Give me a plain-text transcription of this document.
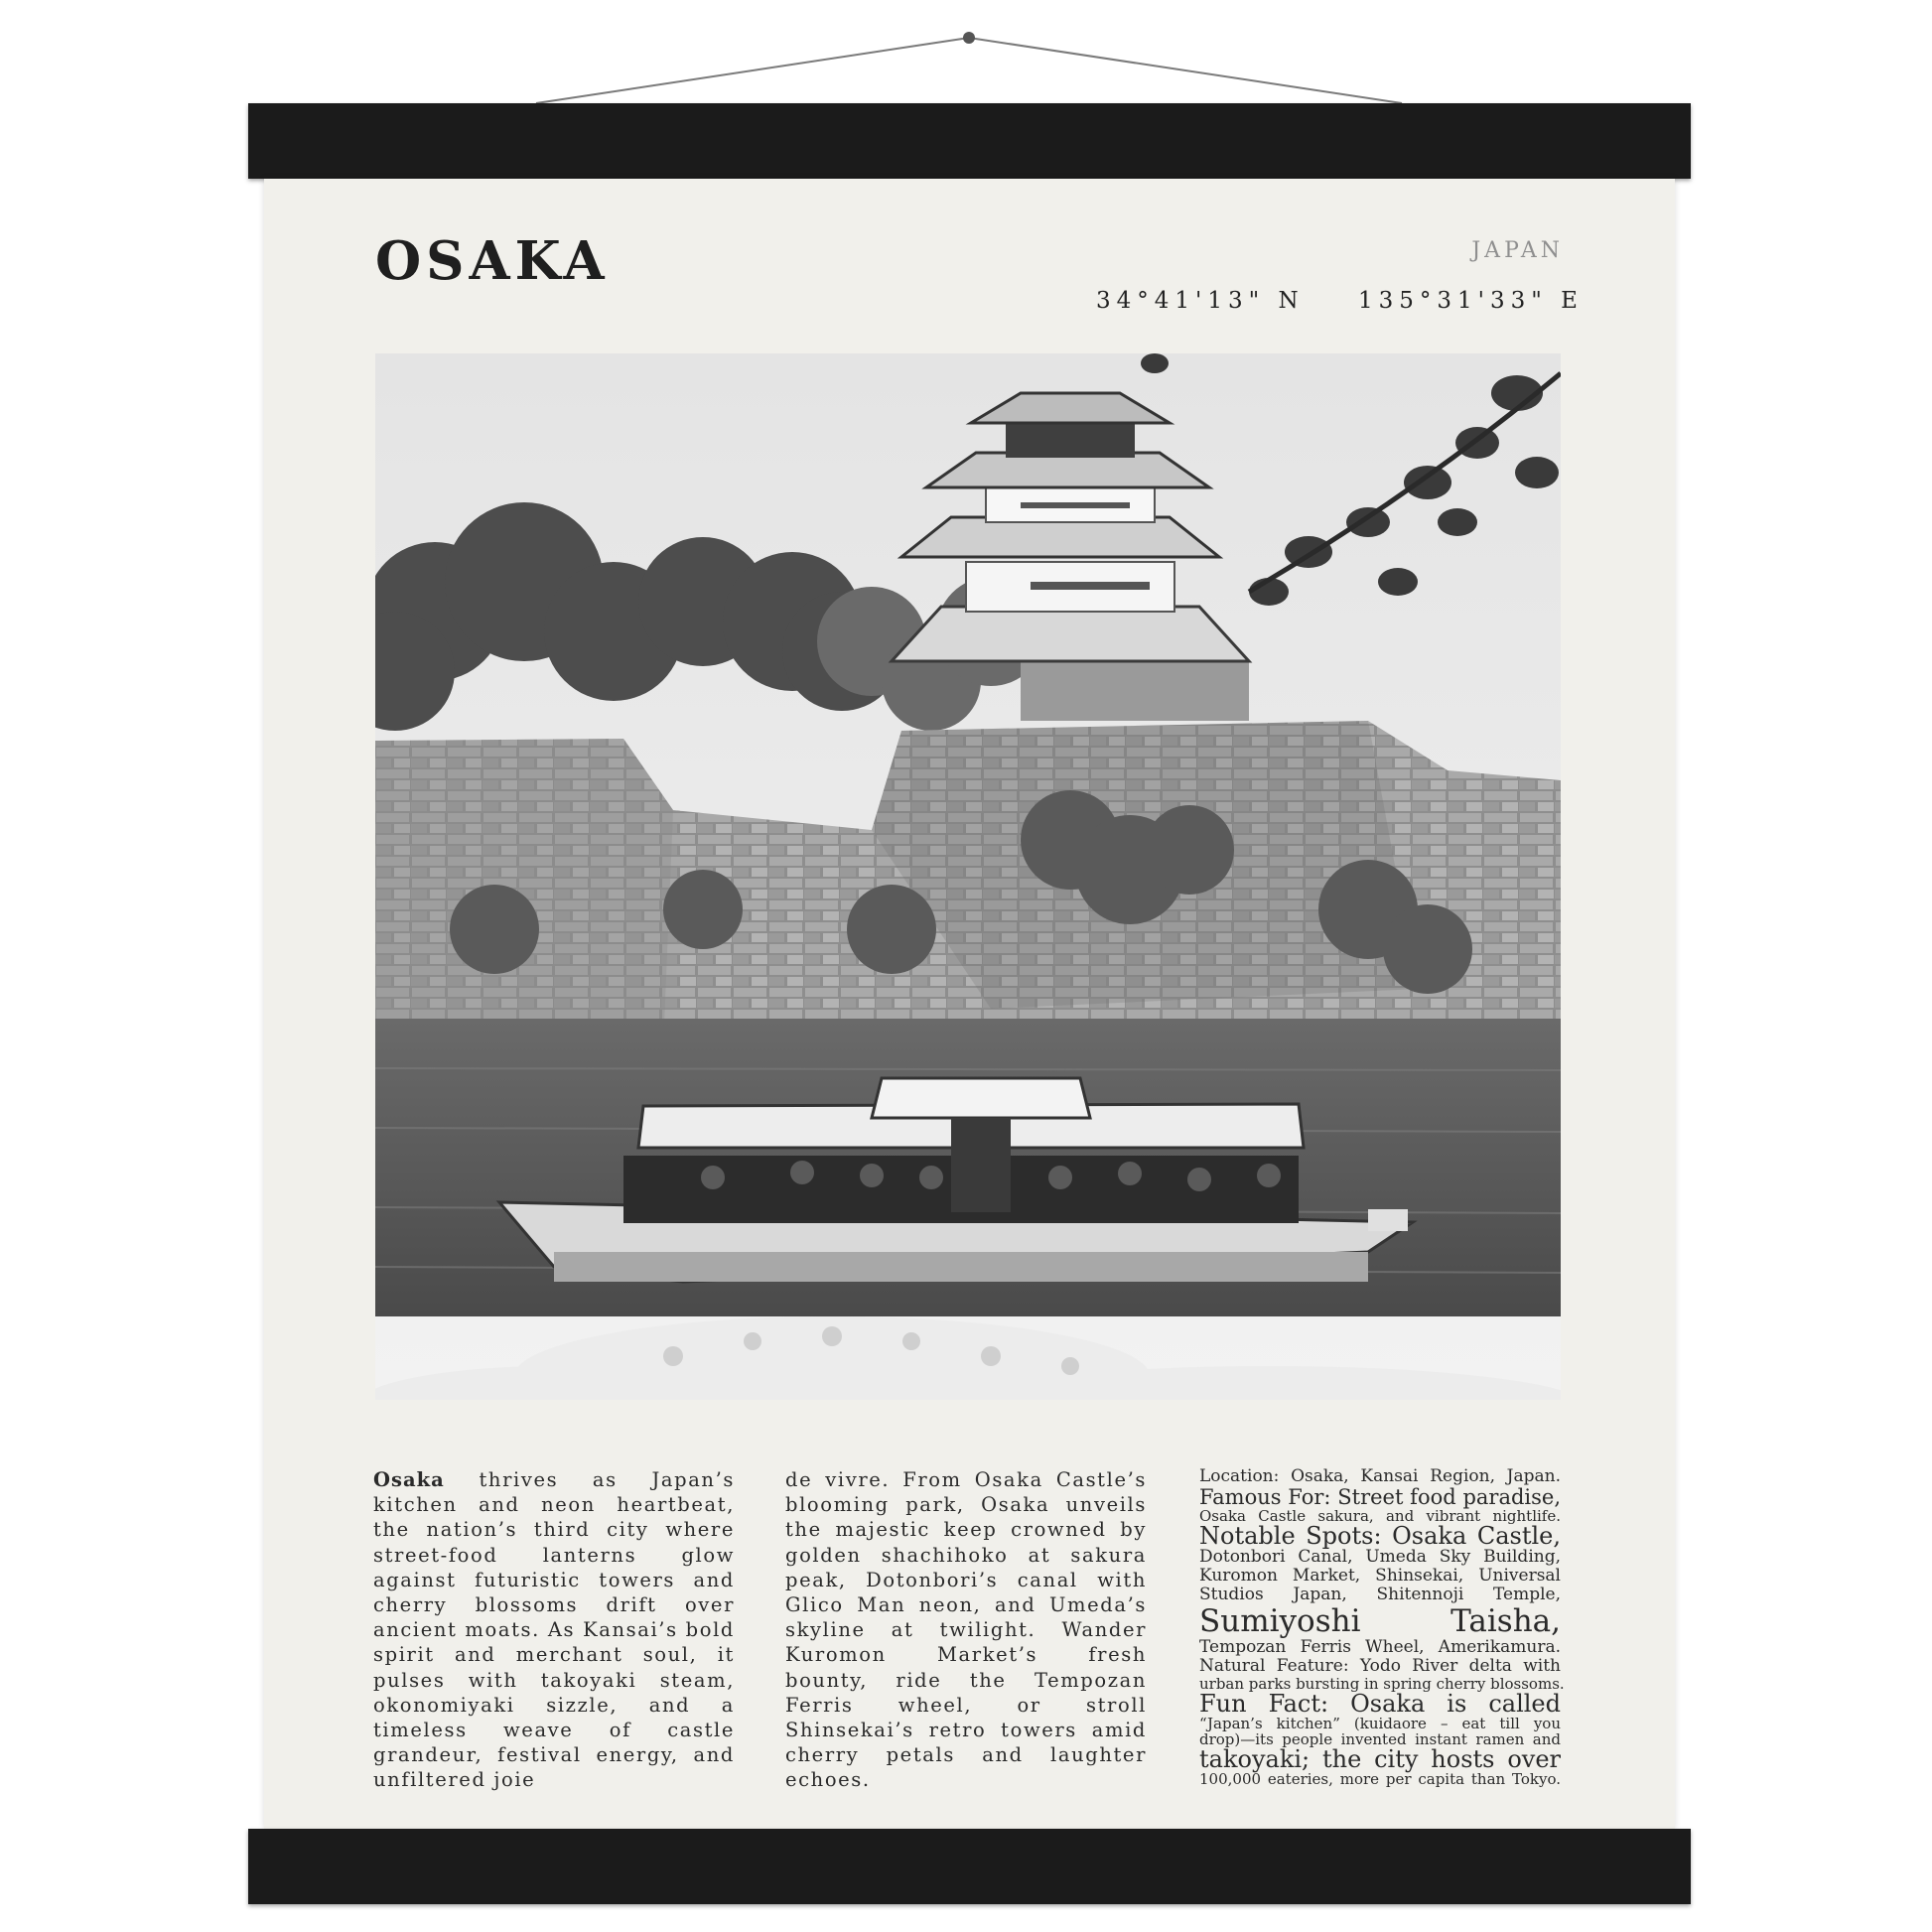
OSAKA	JAPAN
34°41'13" N 135°31'33" E
Osaka thrives as Japan’s kitchen and neon heartbeat, the nation’s third city where street-food lanterns glow against futuristic towers and cherry blossoms drift over ancient moats. As Kansai’s bold spirit and merchant soul, it pulses with takoyaki steam, okonomiyaki sizzle, and a timeless weave of castle grandeur, festival energy, and unfiltered joie
de vivre. From Osaka Castle’s blooming park, Osaka unveils the majestic keep crowned by golden shachihoko at sakura peak, Dotonbori’s canal with Glico Man neon, and Umeda’s skyline at twilight. Wander Kuromon Market’s fresh bounty, ride the Tempozan Ferris wheel, or stroll Shinsekai’s retro towers amid cherry petals and laughter echoes.
Location: Osaka, Kansai Region, Japan.
Famous For: Street food paradise,
Osaka Castle sakura, and vibrant nightlife.
Notable Spots: Osaka Castle,
Dotonbori Canal, Umeda Sky Building,
Kuromon Market, Shinsekai, Universal
Studios Japan, Shitennoji Temple,
Sumiyoshi Taisha,
Tempozan Ferris Wheel, Amerikamura.
Natural Feature: Yodo River delta with
urban parks bursting in spring cherry blossoms.
Fun Fact: Osaka is called
“Japan’s kitchen” (kuidaore – eat till you
drop)—its people invented instant ramen and
takoyaki; the city hosts over
100,000 eateries, more per capita than Tokyo.
